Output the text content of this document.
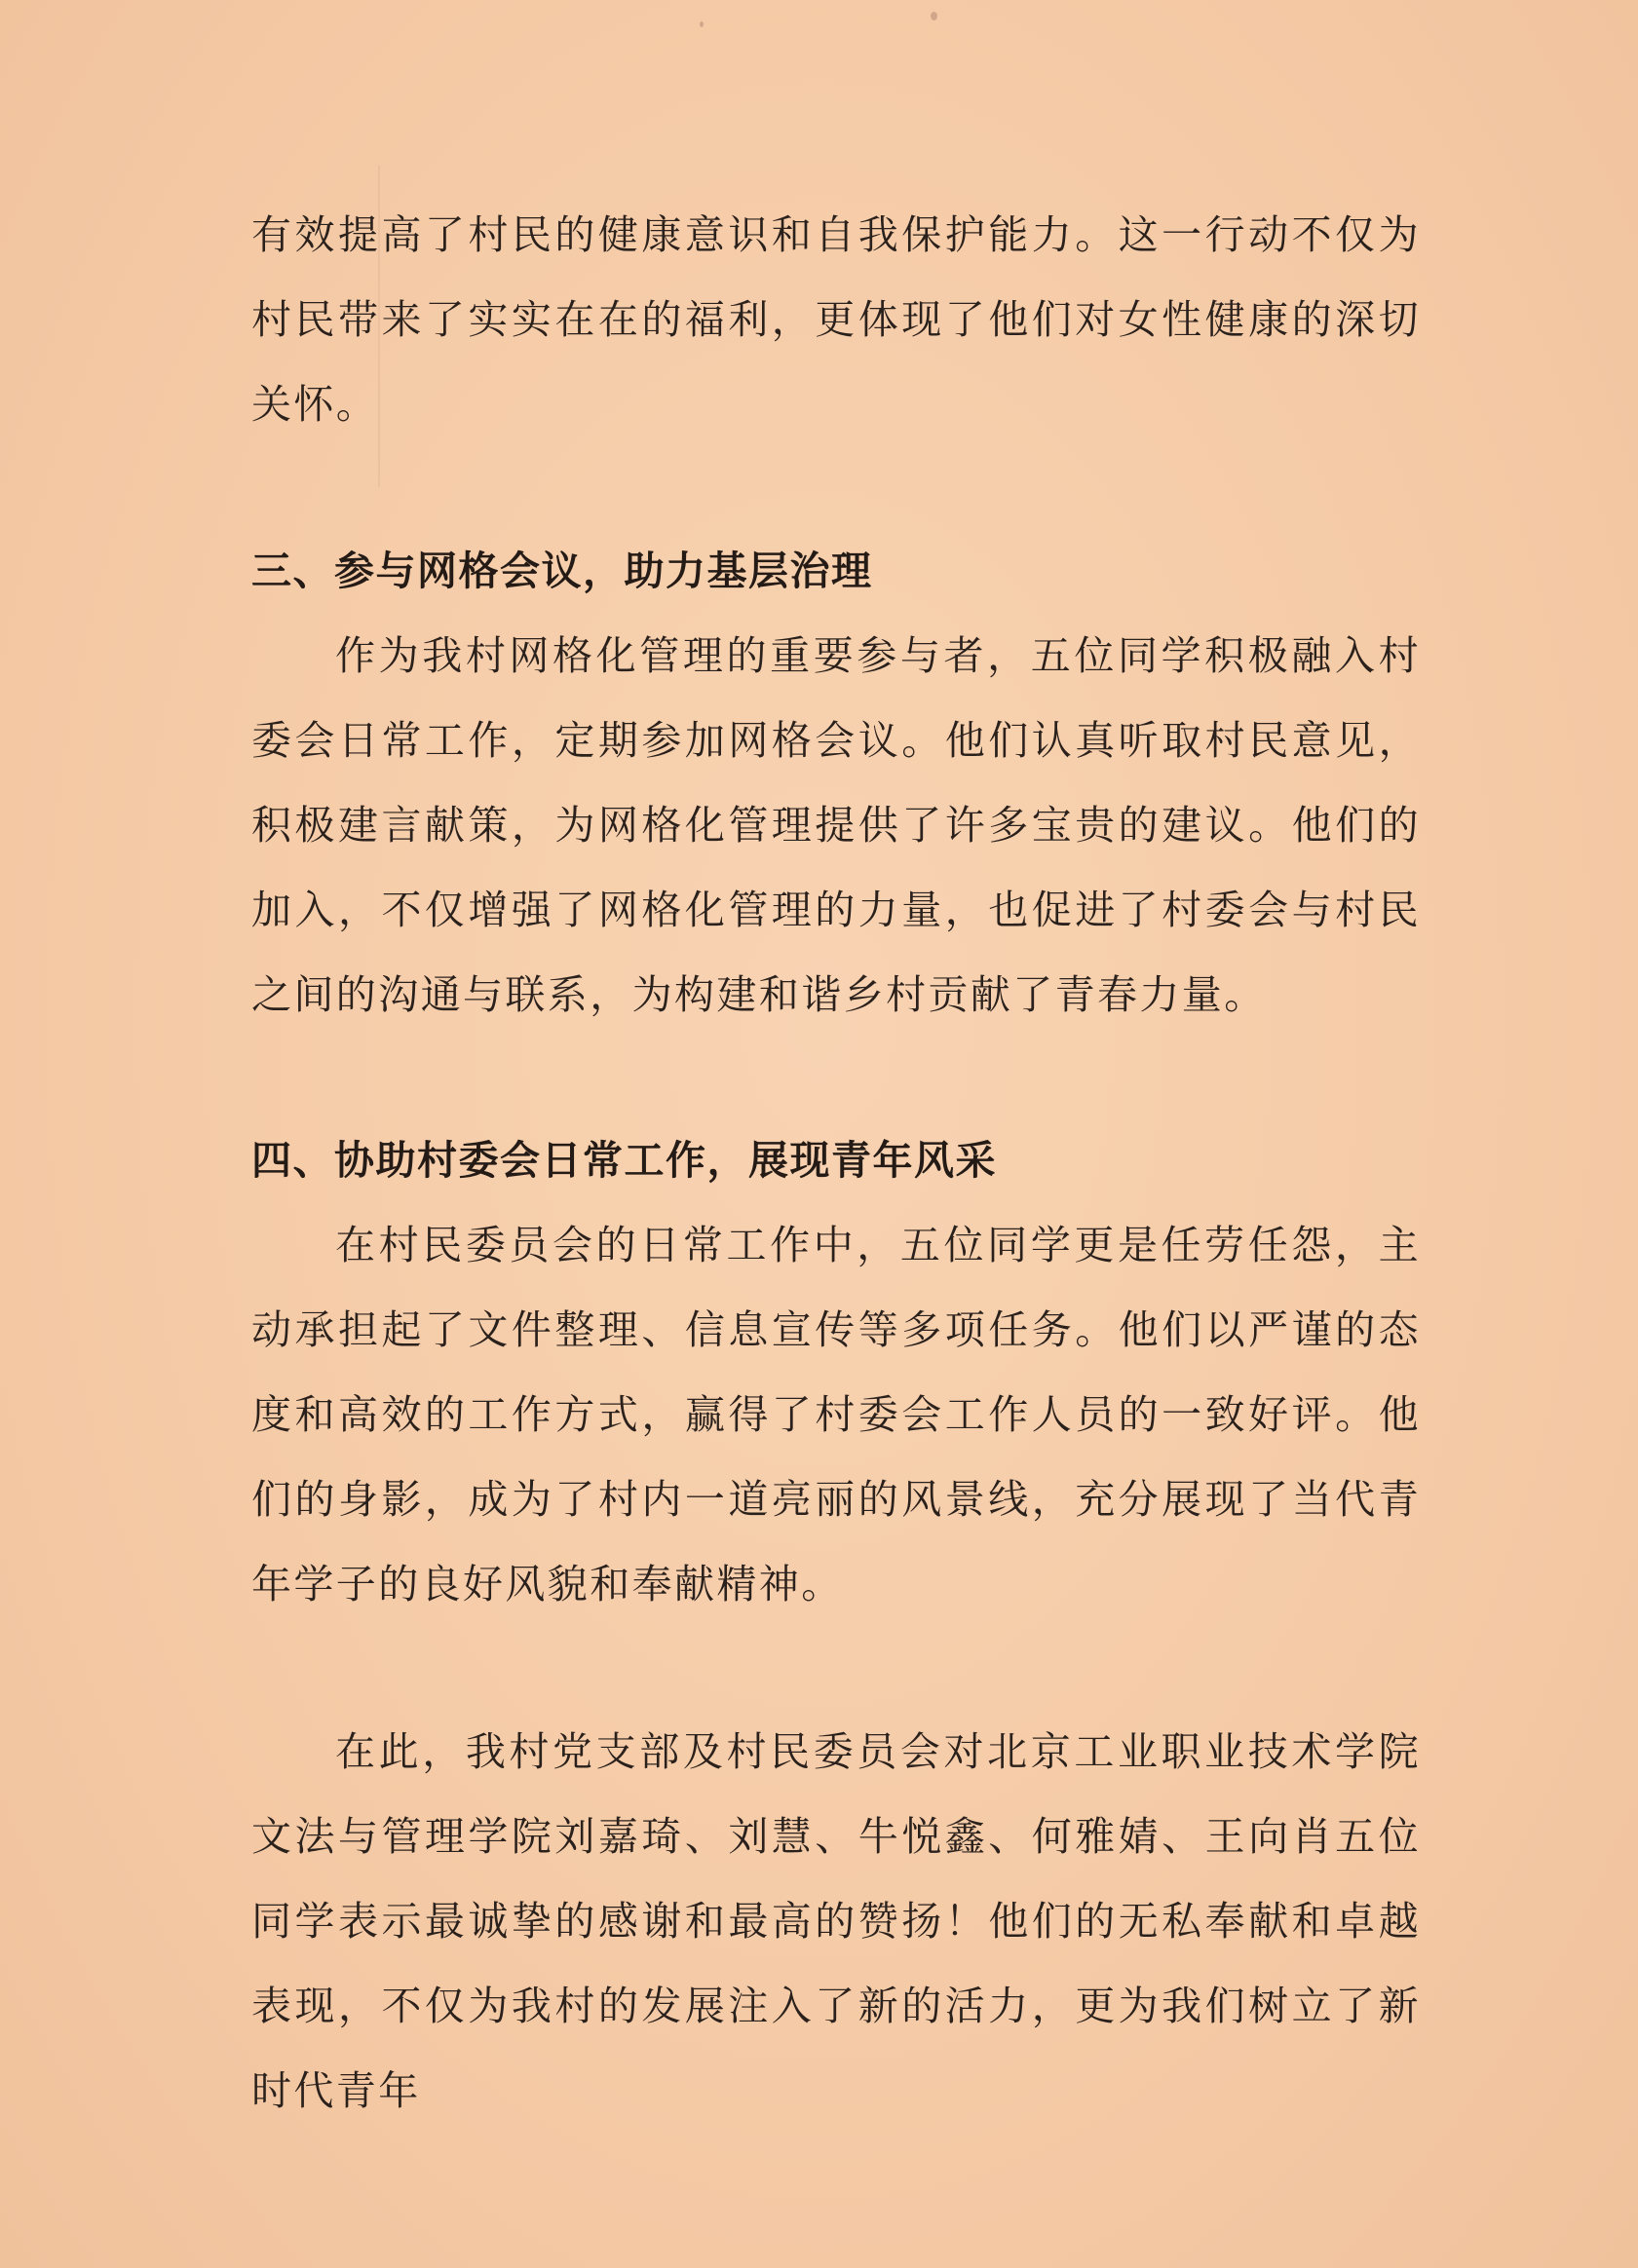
有效提高了村民的健康意识和自我保护能力。这一行动不仅为村民带来了实实在在的福利，更体现了他们对女性健康的深切关怀。

三、参与网格会议，助力基层治理

作为我村网格化管理的重要参与者，五位同学积极融入村委会日常工作，定期参加网格会议。他们认真听取村民意见，积极建言献策，为网格化管理提供了许多宝贵的建议。他们的加入，不仅增强了网格化管理的力量，也促进了村委会与村民之间的沟通与联系，为构建和谐乡村贡献了青春力量。

四、协助村委会日常工作，展现青年风采

在村民委员会的日常工作中，五位同学更是任劳任怨，主动承担起了文件整理、信息宣传等多项任务。他们以严谨的态度和高效的工作方式，赢得了村委会工作人员的一致好评。他们的身影，成为了村内一道亮丽的风景线，充分展现了当代青年学子的良好风貌和奉献精神。

在此，我村党支部及村民委员会对北京工业职业技术学院文法与管理学院刘嘉琦、刘慧、牛悦鑫、何雅婧、王向肖五位同学表示最诚挚的感谢和最高的赞扬！他们的无私奉献和卓越表现，不仅为我村的发展注入了新的活力，更为我们树立了新时代青年
